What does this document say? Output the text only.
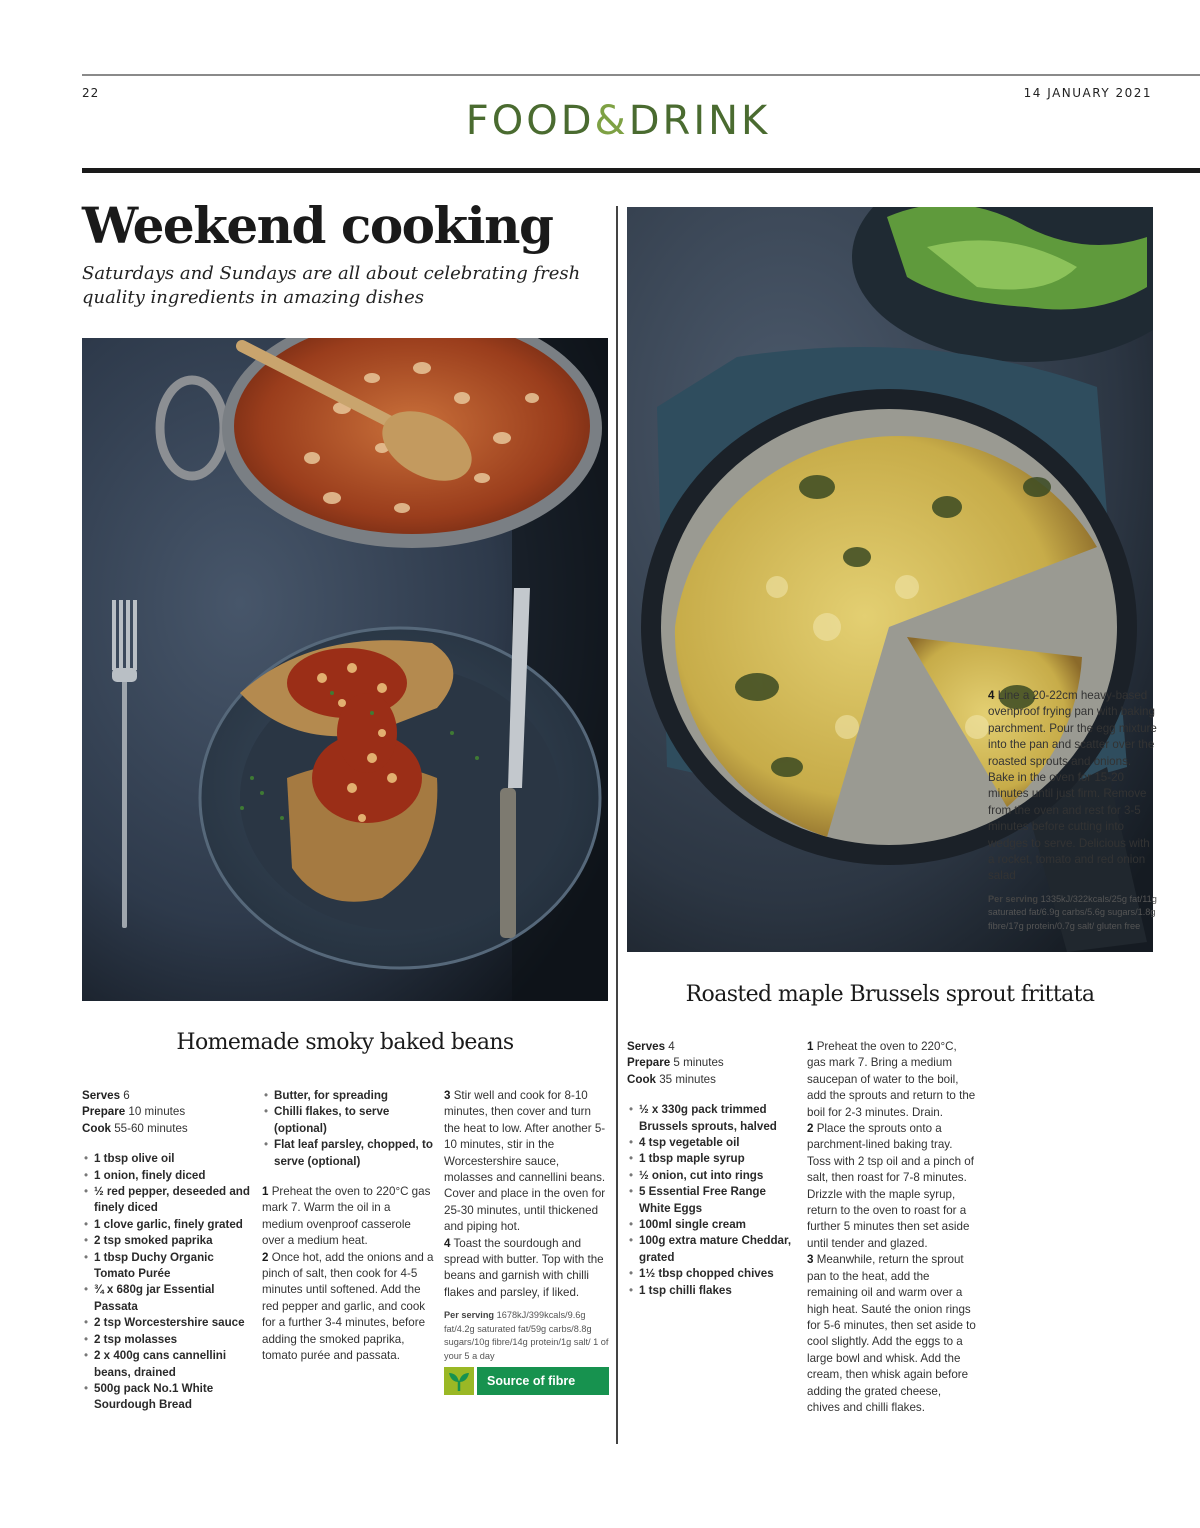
22	14 JANUARY 2021
FOOD&DRINK
Weekend cooking
Saturdays and Sundays are all about celebrating fresh quality ingredients in amazing dishes
Homemade smoky baked beans
Roasted maple Brussels sprout frittata
Serves 6
Prepare 10 minutes
Cook 55-60 minutes
• 1 tbsp olive oil
• 1 onion, finely diced
• ½ red pepper, deseeded and finely diced
• 1 clove garlic, finely grated
• 2 tsp smoked paprika
• 1 tbsp Duchy Organic Tomato Purée
• ¾ x 680g jar Essential Passata
• 2 tsp Worcestershire sauce
• 2 tsp molasses
• 2 x 400g cans cannellini beans, drained
• 500g pack No.1 White Sourdough Bread
• Butter, for spreading
• Chilli flakes, to serve (optional)
• Flat leaf parsley, chopped, to serve (optional)

1 Preheat the oven to 220°C gas mark 7. Warm the oil in a medium ovenproof casserole over a medium heat.

2 Once hot, add the onions and a pinch of salt, then cook for 4-5 minutes until softened. Add the red pepper and garlic, and cook for a further 3-4 minutes, before adding the smoked paprika, tomato purée and passata.

3 Stir well and cook for 8-10 minutes, then cover and turn the heat to low. After another 5-10 minutes, stir in the Worcestershire sauce, molasses and cannellini beans. Cover and place in the oven for 25-30 minutes, until thickened and piping hot.

4 Toast the sourdough and spread with butter. Top with the beans and garnish with chilli flakes and parsley, if liked.

Per serving 1678kJ/399kcals/9.6g fat/4.2g saturated fat/59g carbs/8.8g sugars/10g fibre/14g protein/1g salt/ 1 of your 5 a day
Source of fibre
Serves 4
Prepare 5 minutes
Cook 35 minutes
• ½ x 330g pack trimmed Brussels sprouts, halved
• 4 tsp vegetable oil
• 1 tbsp maple syrup
• ½ onion, cut into rings
• 5 Essential Free Range White Eggs
• 100ml single cream
• 100g extra mature Cheddar, grated
• 1½ tbsp chopped chives
• 1 tsp chilli flakes

1 Preheat the oven to 220°C, gas mark 7. Bring a medium saucepan of water to the boil, add the sprouts and return to the boil for 2-3 minutes. Drain.

2 Place the sprouts onto a parchment-lined baking tray. Toss with 2 tsp oil and a pinch of salt, then roast for 7-8 minutes. Drizzle with the maple syrup, return to the oven to roast for a further 5 minutes then set aside until tender and glazed.

3 Meanwhile, return the sprout pan to the heat, add the remaining oil and warm over a high heat. Sauté the onion rings for 5-6 minutes, then set aside to cool slightly. Add the eggs to a large bowl and whisk. Add the cream, then whisk again before adding the grated cheese, chives and chilli flakes.

4 Line a 20-22cm heavy-based ovenproof frying pan with baking parchment. Pour the egg mixture into the pan and scatter over the roasted sprouts and onions. Bake in the oven for 15-20 minutes until just firm. Remove from the oven and rest for 3-5 minutes before cutting into wedges to serve. Delicious with a rocket, tomato and red onion salad

Per serving 1335kJ/322kcals/25g fat/11g saturated fat/6.9g carbs/5.6g sugars/1.8g fibre/17g protein/0.7g salt/ gluten free
